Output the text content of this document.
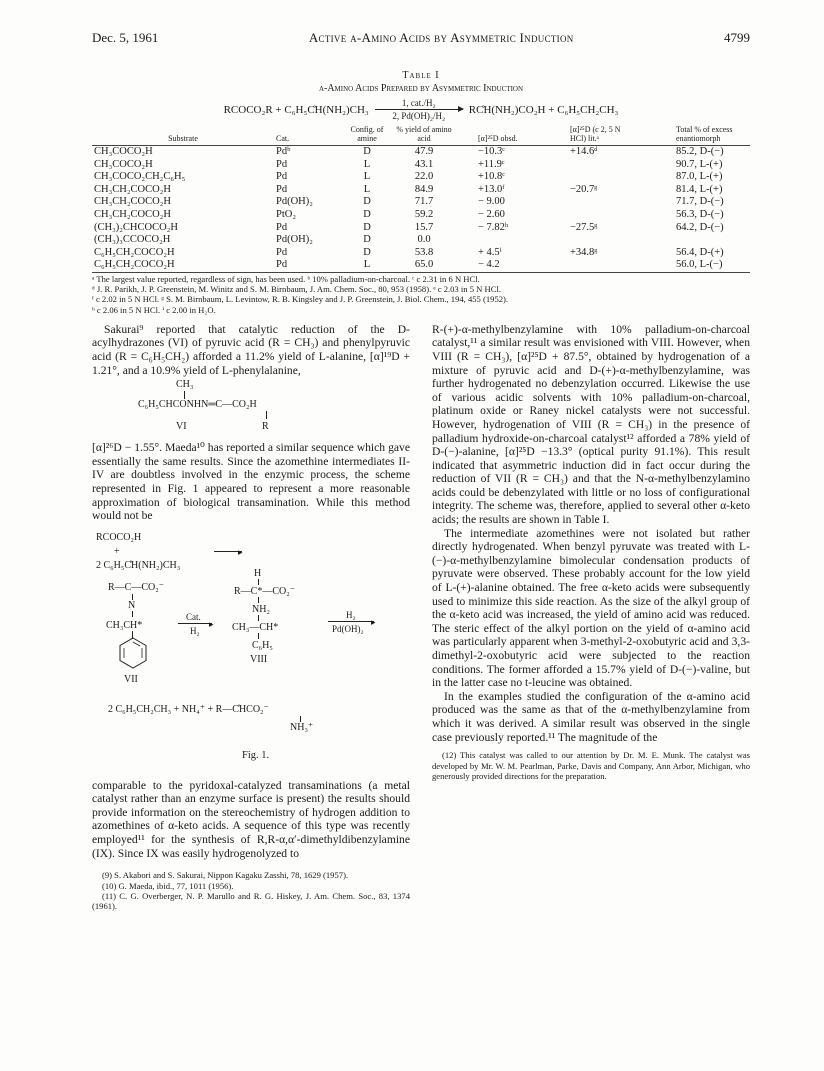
Dec. 5, 1961	Active α-Amino Acids by Asymmetric Induction	4799
Table I
α-Amino Acids Prepared by Asymmetric Induction
RCOCO₂R + C₆H₅C̊H(NH₂)CH₃
1, cat./H₂
2, Pd(OH)₂/H₂
RC̊H(NH₂)CO₂H + C₆H₅CH₂CH₃
Substrate	Cat.	Config. of amine	% yield of amino acid	[α]²⁵D obsd.	[α]²⁵D (c 2, 5 N HCl) lit.ᵃ	Total % of excess enantiomorph
CH₃COCO₂H	Pdᵇ	D	47.9	−10.3ᶜ	+14.6ᵈ	85.2, D-(−)
CH₃COCO₂H	Pd	L	43.1	+11.9ᶜ		90.7, L-(+)
CH₃COCO₂CH₂C₆H₅	Pd	L	22.0	+10.8ᶜ		87.0, L-(+)
CH₃CH₂COCO₂H	Pd	L	84.9	+13.0ᶠ	−20.7ᵍ	81.4, L-(+)
CH₃CH₂COCO₂H	Pd(OH)₂	D	71.7	− 9.00		71.7, D-(−)
CH₃CH₂COCO₂H	PtO₂	D	59.2	− 2.60		56.3, D-(−)
(CH₃)₂CHCOCO₂H	Pd	D	15.7	− 7.82ʰ	−27.5ᵍ	64.2, D-(−)
(CH₃)₃CCOCO₂H	Pd(OH)₂	D	0.0			
C₆H₅CH₂COCO₂H	Pd	D	53.8	+ 4.5ⁱ	+34.8ᵍ	56.4, D-(+)
C₆H₅CH₂COCO₂H	Pd	L	65.0	− 4.2		56.0, L-(−)
ᵃ The largest value reported, regardless of sign, has been used. ᵇ 10% palladium-on-charcoal. ᶜ c 2.31 in 6 N HCl.
ᵈ J. R. Parikh, J. P. Greenstein, M. Winitz and S. M. Birnbaum, J. Am. Chem. Soc., 80, 953 (1958). ᵉ c 2.03 in 5 N HCl.
ᶠ c 2.02 in 5 N HCl. ᵍ S. M. Birnbaum, L. Levintow, R. B. Kingsley and J. P. Greenstein, J. Biol. Chem., 194, 455 (1952).
ʰ c 2.06 in 5 N HCl. ⁱ c 2.00 in H₂O.

Sakurai⁹ reported that catalytic reduction of the D-acylhydrazones (VI) of pyruvic acid (R = CH₃) and phenylpyruvic acid (R = C₆H₅CH₂) afforded a 11.2% yield of L-alanine, [α]¹⁹D + 1.21°, and a 10.9% yield of L-phenylalanine,

CH₃
C₆H₅CHCONHN═C—CO₂H
VI	R

[α]²⁶D − 1.55°. Maeda¹⁰ has reported a similar sequence which gave essentially the same results. Since the azomethine intermediates II-IV are doubtless involved in the enzymic process, the scheme represented in Fig. 1 appeared to represent a more reasonable approximation of biological transamination. While this method would not be

RCOCO₂H
+	▸
2 C₆H₅C̊H(NH₂)CH₃
R—C—CO₂⁻
N
CH₃CH*
VII
Cat.
▸
H₂
H
R—C*—CO₂⁻
NH₂
CH₃—CH*
C₆H₅
VIII
H₂
▸
Pd(OH)₂
2 C₆H₅CH₂CH₃ + NH₄⁺ + R—C̊HCO₂⁻
NH₃⁺
Fig. 1.

comparable to the pyridoxal-catalyzed transaminations (a metal catalyst rather than an enzyme surface is present) the results should provide information on the stereochemistry of hydrogen addition to azomethines of α-keto acids. A sequence of this type was recently employed¹¹ for the synthesis of R,R-α,α′-dimethyldibenzylamine (IX). Since IX was easily hydrogenolyzed to

(9) S. Akabori and S. Sakurai, Nippon Kagaku Zasshi, 78, 1629 (1957).
(10) G. Maeda, ibid., 77, 1011 (1956).
(11) C. G. Overberger, N. P. Marullo and R. G. Hiskey, J. Am. Chem. Soc., 83, 1374 (1961).

R-(+)-α-methylbenzylamine with 10% palladium-on-charcoal catalyst,¹¹ a similar result was envisioned with VIII. However, when VIII (R = CH₃), [α]²⁵D + 87.5°, obtained by hydrogenation of a mixture of pyruvic acid and D-(+)-α-methylbenzylamine, was further hydrogenated no debenzylation occurred. Likewise the use of various acidic solvents with 10% palladium-on-charcoal, platinum oxide or Raney nickel catalysts were not successful. However, hydrogenation of VIII (R = CH₃) in the presence of palladium hydroxide-on-charcoal catalyst¹² afforded a 78% yield of D-(−)-alanine, [α]²⁵D −13.3° (optical purity 91.1%). This result indicated that asymmetric induction did in fact occur during the reduction of VII (R = CH₃) and that the N-α-methylbenzylamino acids could be debenzylated with little or no loss of configurational integrity. The scheme was, therefore, applied to several other α-keto acids; the results are shown in Table I.

The intermediate azomethines were not isolated but rather directly hydrogenated. When benzyl pyruvate was treated with L-(−)-α-methylbenzylamine bimolecular condensation products of pyruvate were observed. These probably account for the low yield of L-(+)-alanine obtained. The free α-keto acids were subsequently used to minimize this side reaction. As the size of the alkyl group of the α-keto acid was increased, the yield of amino acid was reduced. The steric effect of the alkyl portion on the yield of α-amino acid was particularly apparent when 3-methyl-2-oxobutyric acid and 3,3-dimethyl-2-oxobutyric acid were subjected to the reaction conditions. The former afforded a 15.7% yield of D-(−)-valine, but in the latter case no t-leucine was obtained.

In the examples studied the configuration of the α-amino acid produced was the same as that of the α-methylbenzylamine from which it was derived. A similar result was observed in the single case previously reported.¹¹ The magnitude of the

(12) This catalyst was called to our attention by Dr. M. E. Munk. The catalyst was developed by Mr. W. M. Pearlman, Parke, Davis and Company, Ann Arbor, Michigan, who generously provided directions for the preparation.
